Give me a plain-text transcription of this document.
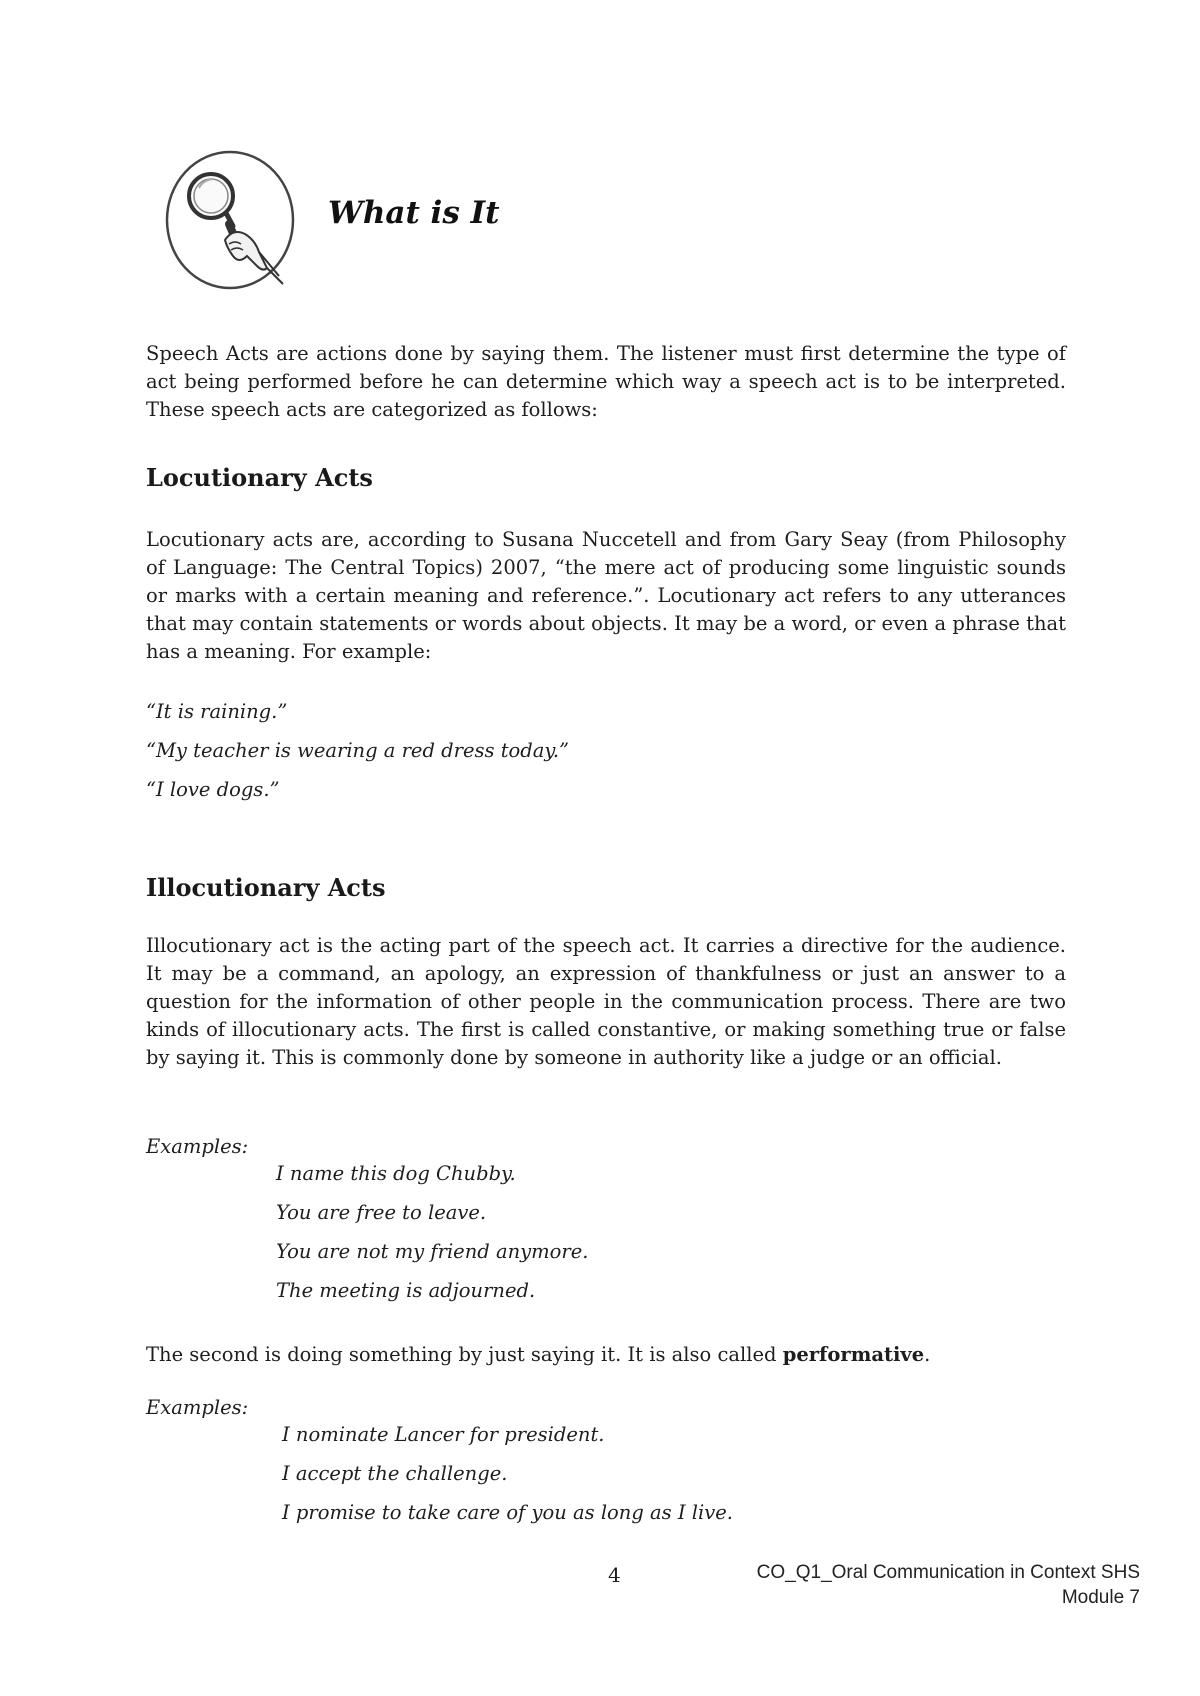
What is It

Speech Acts are actions done by saying them. The listener must first determine the type of act being performed before he can determine which way a speech act is to be interpreted. These speech acts are categorized as follows:

Locutionary Acts

Locutionary acts are, according to Susana Nuccetell and from Gary Seay (from Philosophy of Language: The Central Topics) 2007, “the mere act of producing some linguistic sounds or marks with a certain meaning and reference.”. Locutionary act refers to any utterances that may contain statements or words about objects. It may be a word, or even a phrase that has a meaning. For example:

“It is raining.”

“My teacher is wearing a red dress today.”

“I love dogs.”

Illocutionary Acts

Illocutionary act is the acting part of the speech act. It carries a directive for the audience. It may be a command, an apology, an expression of thankfulness or just an answer to a question for the information of other people in the communication process. There are two kinds of illocutionary acts. The first is called constantive, or making something true or false by saying it. This is commonly done by someone in authority like a judge or an official.

Examples:

I name this dog Chubby.

You are free to leave.

You are not my friend anymore.

The meeting is adjourned.

The second is doing something by just saying it. It is also called performative.

Examples:

I nominate Lancer for president.

I accept the challenge.

I promise to take care of you as long as I live.

4	CO_Q1_Oral Communication in Context SHS
Module 7
